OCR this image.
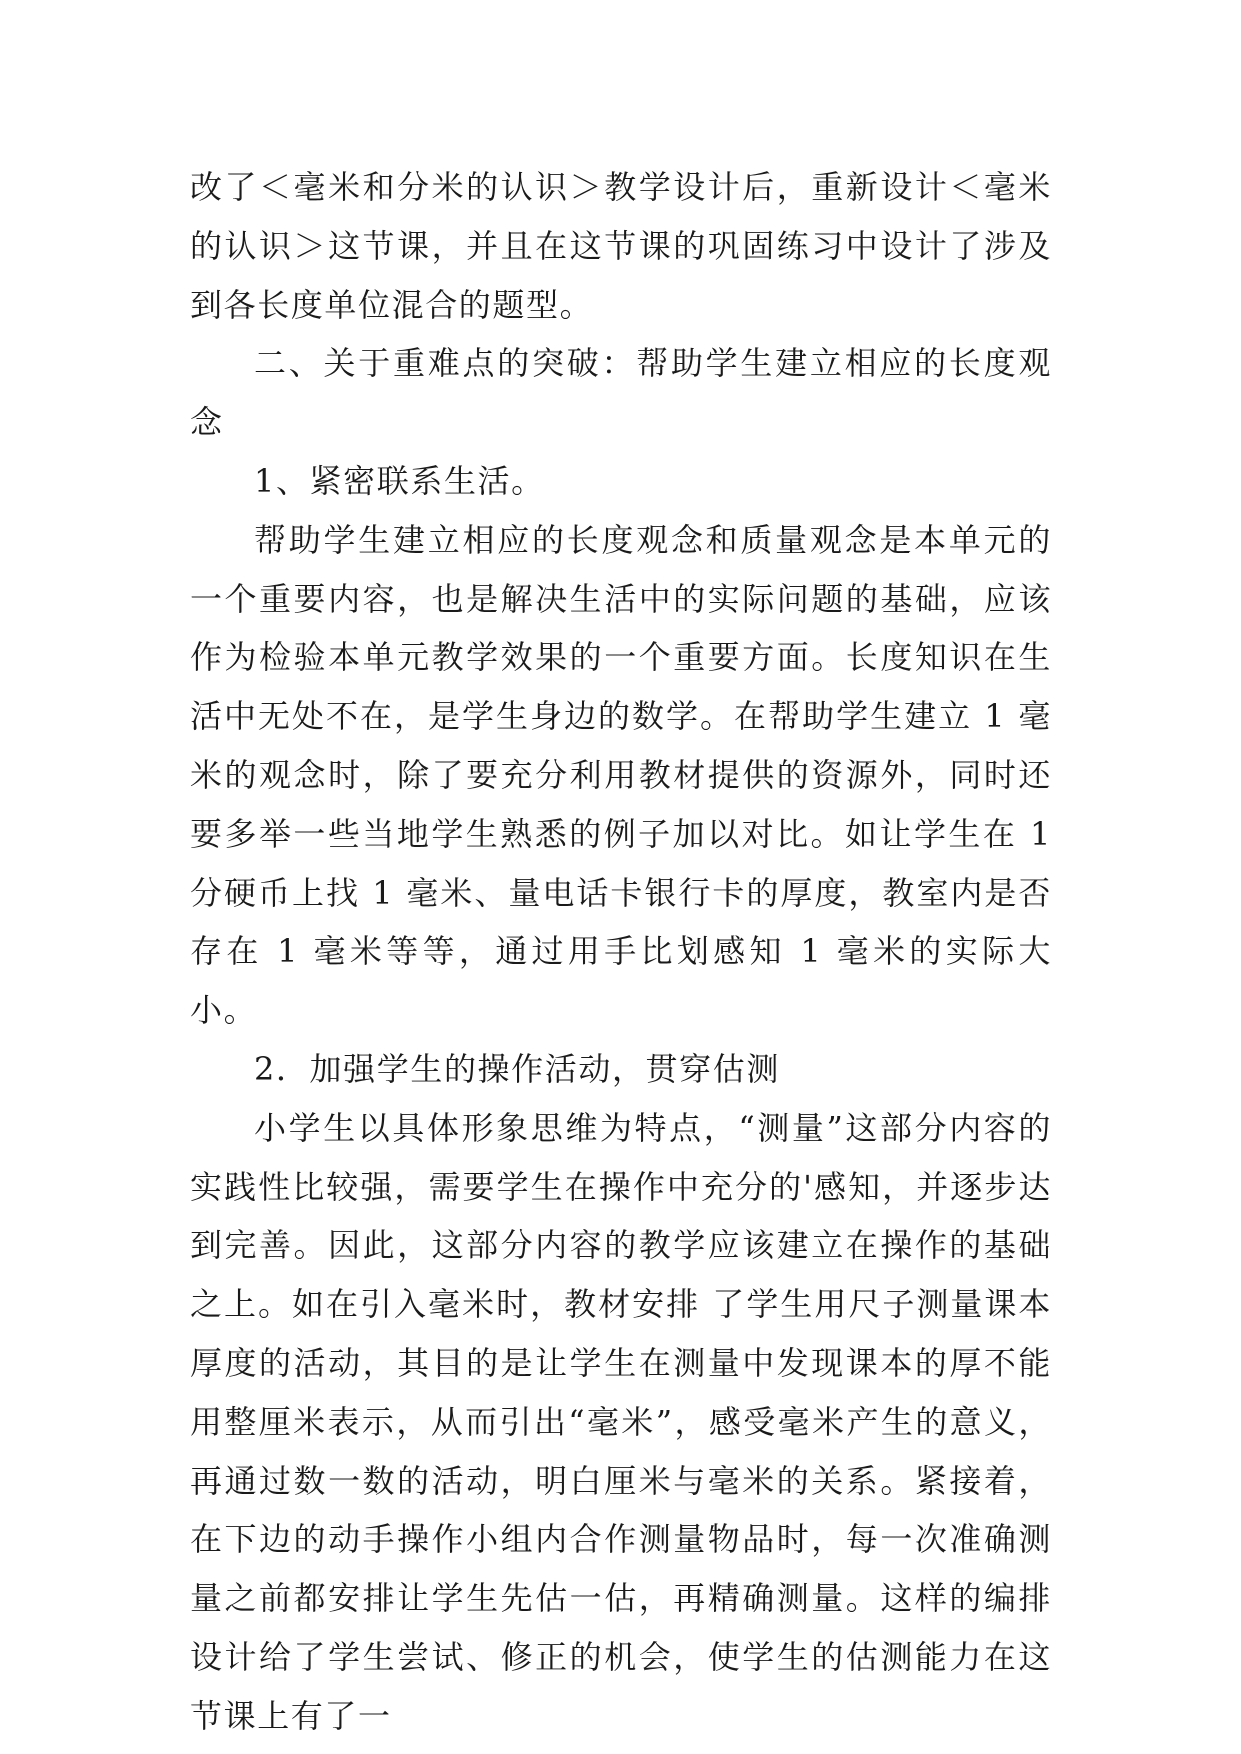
改了＜毫米和分米的认识＞教学设计后，重新设计＜毫米的认识＞这节课，并且在这节课的巩固练习中设计了涉及到各长度单位混合的题型。

二、关于重难点的突破：帮助学生建立相应的长度观念

1、紧密联系生活。

帮助学生建立相应的长度观念和质量观念是本单元的一个重要内容，也是解决生活中的实际问题的基础，应该作为检验本单元教学效果的一个重要方面。长度知识在生活中无处不在，是学生身边的数学。在帮助学生建立 1 毫米的观念时，除了要充分利用教材提供的资源外，同时还要多举一些当地学生熟悉的例子加以对比。如让学生在 1 分硬币上找 1 毫米、量电话卡银行卡的厚度，教室内是否存在 1 毫米等等，通过用手比划感知 1 毫米的实际大小。

2．加强学生的操作活动，贯穿估测

小学生以具体形象思维为特点，“测量”这部分内容的实践性比较强，需要学生在操作中充分的'感知，并逐步达到完善。因此，这部分内容的教学应该建立在操作的基础之上。如在引入毫米时，教材安排 了学生用尺子测量课本厚度的活动，其目的是让学生在测量中发现课本的厚不能用整厘米表示，从而引出“毫米”，感受毫米产生的意义，再通过数一数的活动，明白厘米与毫米的关系。紧接着，在下边的动手操作小组内合作测量物品时，每一次准确测量之前都安排让学生先估一估，再精确测量。这样的编排设计给了学生尝试、修正的机会，使学生的估测能力在这节课上有了一
